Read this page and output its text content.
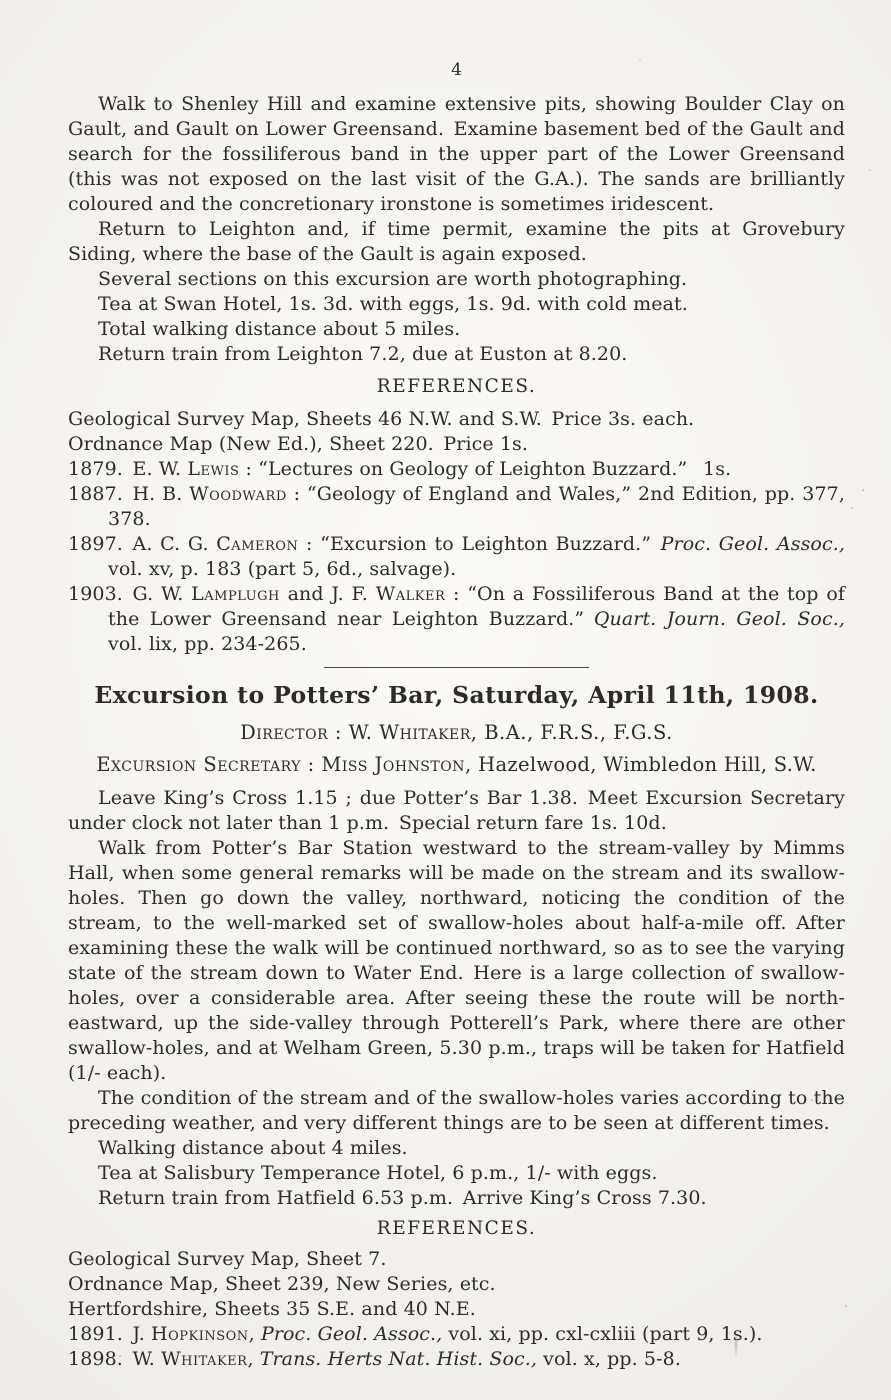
4

Walk to Shenley Hill and examine extensive pits, showing Boulder Clay on Gault, and Gault on Lower Greensand. Examine basement bed of the Gault and search for the fossiliferous band in the upper part of the Lower Greensand (this was not exposed on the last visit of the G.A.). The sands are brilliantly coloured and the concretionary ironstone is sometimes iridescent.

Return to Leighton and, if time permit, examine the pits at Grovebury Siding, where the base of the Gault is again exposed.

Several sections on this excursion are worth photographing.

Tea at Swan Hotel, 1s. 3d. with eggs, 1s. 9d. with cold meat.

Total walking distance about 5 miles.

Return train from Leighton 7.2, due at Euston at 8.20.

REFERENCES.
Geological Survey Map, Sheets 46 N.W. and S.W. Price 3s. each.
Ordnance Map (New Ed.), Sheet 220. Price 1s.
1879. E. W. Lewis : “Lectures on Geology of Leighton Buzzard.”  1s.
1887. H. B. Woodward : “Geology of England and Wales,” 2nd Edition, pp. 377, 378.
1897. A. C. G. Cameron : “Excursion to Leighton Buzzard.” Proc. Geol. Assoc., vol. xv, p. 183 (part 5, 6d., salvage).
1903. G. W. Lamplugh and J. F. Walker : “On a Fossiliferous Band at the top of the Lower Greensand near Leighton Buzzard.” Quart. Journ. Geol. Soc., vol. lix, pp. 234-265.
Excursion to Potters’ Bar, Saturday, April 11th, 1908.

Director : W. Whitaker, B.A., F.R.S., F.G.S.

Excursion Secretary : Miss Johnston, Hazelwood, Wimbledon Hill, S.W.

Leave King’s Cross 1.15 ; due Potter’s Bar 1.38. Meet Excursion Secretary under clock not later than 1 p.m. Special return fare 1s. 10d.

Walk from Potter’s Bar Station westward to the stream-valley by Mimms Hall, when some general remarks will be made on the stream and its swallow-holes. Then go down the valley, northward, noticing the condition of the stream, to the well-marked set of swallow-holes about half-a-mile off. After examining these the walk will be continued northward, so as to see the varying state of the stream down to Water End. Here is a large collection of swallow-holes, over a considerable area. After seeing these the route will be north-eastward, up the side-valley through Potterell’s Park, where there are other swallow-holes, and at Welham Green, 5.30 p.m., traps will be taken for Hatfield (1/- each).

The condition of the stream and of the swallow-holes varies according to the preceding weather, and very different things are to be seen at different times.

Walking distance about 4 miles.

Tea at Salisbury Temperance Hotel, 6 p.m., 1/- with eggs.

Return train from Hatfield 6.53 p.m. Arrive King’s Cross 7.30.

REFERENCES.
Geological Survey Map, Sheet 7.
Ordnance Map, Sheet 239, New Series, etc.
Hertfordshire, Sheets 35 S.E. and 40 N.E.
1891. J. Hopkinson, Proc. Geol. Assoc., vol. xi, pp. cxl-cxliii (part 9, 1s.).
1898. W. Whitaker, Trans. Herts Nat. Hist. Soc., vol. x, pp. 5-8.
